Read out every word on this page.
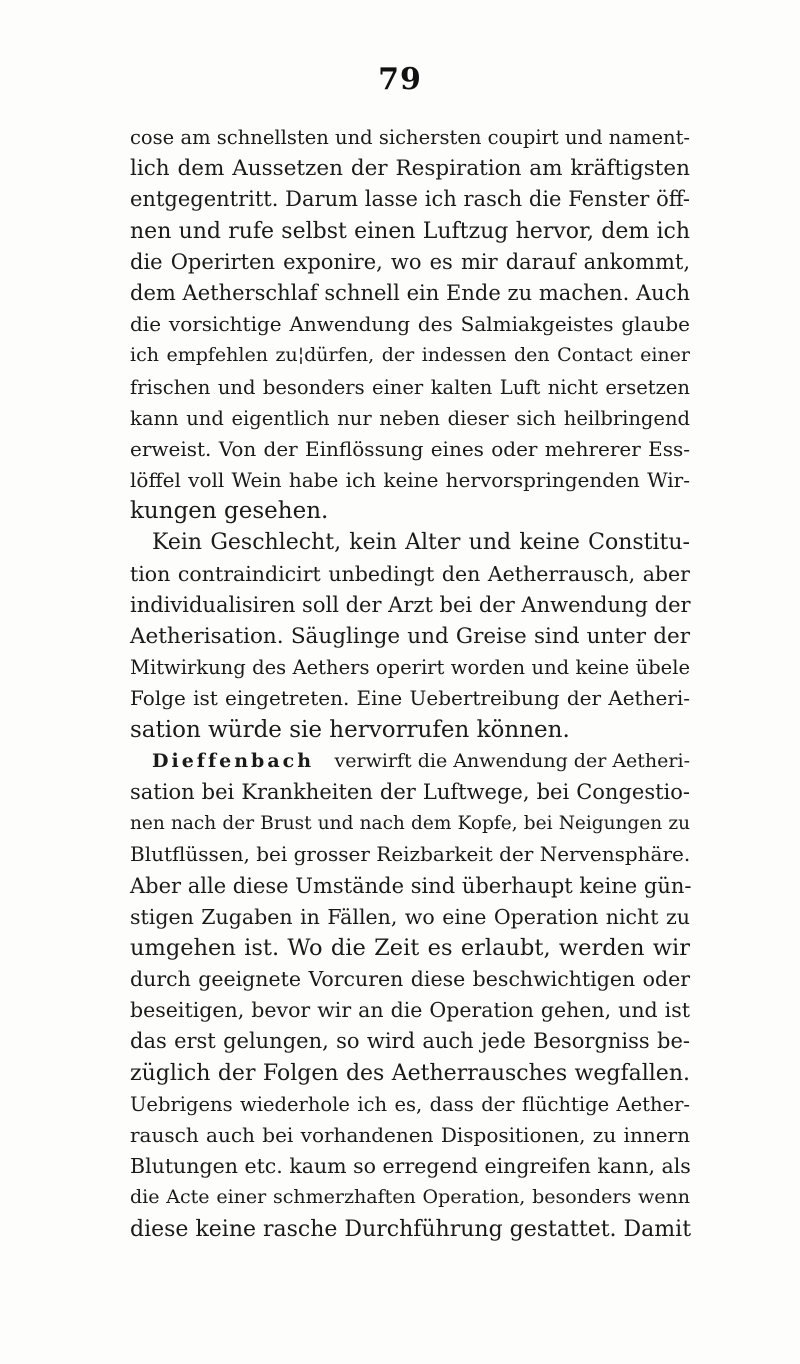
79
cose am schnellsten und sichersten coupirt und nament-
lich dem Aussetzen der Respiration am kräftigsten
entgegentritt. Darum lasse ich rasch die Fenster öff-
nen und rufe selbst einen Luftzug hervor, dem ich
die Operirten exponire, wo es mir darauf ankommt,
dem Aetherschlaf schnell ein Ende zu machen. Auch
die vorsichtige Anwendung des Salmiakgeistes glaube
ich empfehlen zu¦dürfen, der indessen den Contact einer
frischen und besonders einer kalten Luft nicht ersetzen
kann und eigentlich nur neben dieser sich heilbringend
erweist. Von der Einflössung eines oder mehrerer Ess-
löffel voll Wein habe ich keine hervorspringenden Wir-
kungen gesehen.
Kein Geschlecht, kein Alter und keine Constitu-
tion contraindicirt unbedingt den Aetherrausch, aber
individualisiren soll der Arzt bei der Anwendung der
Aetherisation. Säuglinge und Greise sind unter der
Mitwirkung des Aethers operirt worden und keine übele
Folge ist eingetreten. Eine Uebertreibung der Aetheri-
sation würde sie hervorrufen können.
Dieffenbach	verwirft die Anwendung der Aetheri-
sation bei Krankheiten der Luftwege, bei Congestio-
nen nach der Brust und nach dem Kopfe, bei Neigungen zu
Blutflüssen, bei grosser Reizbarkeit der Nervensphäre.
Aber alle diese Umstände sind überhaupt keine gün-
stigen Zugaben in Fällen, wo eine Operation nicht zu
umgehen ist. Wo die Zeit es erlaubt, werden wir
durch geeignete Vorcuren diese beschwichtigen oder
beseitigen, bevor wir an die Operation gehen, und ist
das erst gelungen, so wird auch jede Besorgniss be-
züglich der Folgen des Aetherrausches wegfallen.
Uebrigens wiederhole ich es, dass der flüchtige Aether-
rausch auch bei vorhandenen Dispositionen, zu innern
Blutungen etc. kaum so erregend eingreifen kann, als
die Acte einer schmerzhaften Operation, besonders wenn
diese keine rasche Durchführung gestattet. Damit
